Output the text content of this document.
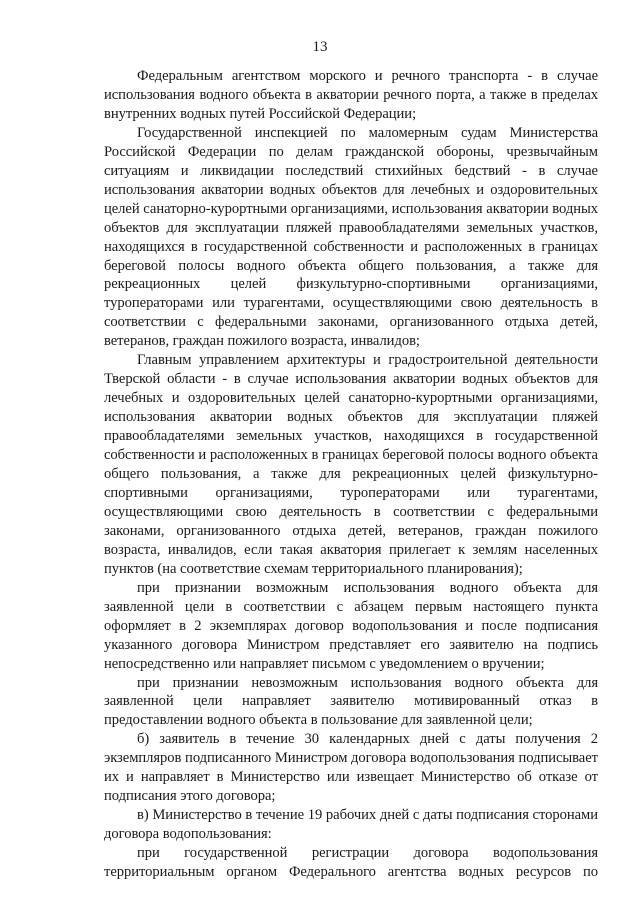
13

Федеральным агентством морского и речного транспорта - в случае использования водного объекта в акватории речного порта, а также в пределах внутренних водных путей Российской Федерации;

Государственной инспекцией по маломерным судам Министерства Российской Федерации по делам гражданской обороны, чрезвычайным ситуациям и ликвидации последствий стихийных бедствий - в случае использования акватории водных объектов для лечебных и оздоровительных целей санаторно-курортными организациями, использования акватории водных объектов для эксплуатации пляжей правообладателями земельных участков, находящихся в государственной собственности и расположенных в границах береговой полосы водного объекта общего пользования, а также для рекреационных целей физкультурно-спортивными организациями, туроператорами или турагентами, осуществляющими свою деятельность в соответствии с федеральными законами, организованного отдыха детей, ветеранов, граждан пожилого возраста, инвалидов;

Главным управлением архитектуры и градостроительной деятельности Тверской области - в случае использования акватории водных объектов для лечебных и оздоровительных целей санаторно-курортными организациями, использования акватории водных объектов для эксплуатации пляжей правообладателями земельных участков, находящихся в государственной собственности и расположенных в границах береговой полосы водного объекта общего пользования, а также для рекреационных целей физкультурно-спортивными организациями, туроператорами или турагентами, осуществляющими свою деятельность в соответствии с федеральными законами, организованного отдыха детей, ветеранов, граждан пожилого возраста, инвалидов, если такая акватория прилегает к землям населенных пунктов (на соответствие схемам территориального планирования);

при признании возможным использования водного объекта для заявленной цели в соответствии с абзацем первым настоящего пункта оформляет в 2 экземплярах договор водопользования и после подписания указанного договора Министром представляет его заявителю на подпись непосредственно или направляет письмом с уведомлением о вручении;

при признании невозможным использования водного объекта для заявленной цели направляет заявителю мотивированный отказ в предоставлении водного объекта в пользование для заявленной цели;

б) заявитель в течение 30 календарных дней с даты получения 2 экземпляров подписанного Министром договора водопользования подписывает их и направляет в Министерство или извещает Министерство об отказе от подписания этого договора;

в) Министерство в течение 19 рабочих дней с даты подписания сторонами договора водопользования:

при государственной регистрации договора водопользования территориальным органом Федерального агентства водных ресурсов по
